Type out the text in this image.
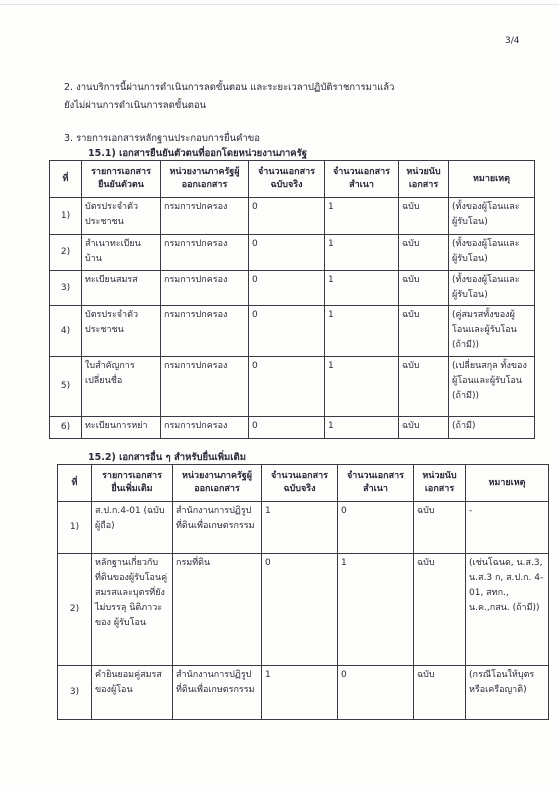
3/4
2. งานบริการนี้ผ่านการดำเนินการลดขั้นตอน และระยะเวลาปฏิบัติราชการมาแล้ว
ยังไม่ผ่านการดำเนินการลดขั้นตอน
3. รายการเอกสารหลักฐานประกอบการยื่นคำขอ
15.1) เอกสารยืนยันตัวตนที่ออกโดยหน่วยงานภาครัฐ
ที่	รายการเอกสาร ยืนยันตัวตน	หน่วยงานภาครัฐผู้ ออกเอกสาร	จำนวนเอกสาร ฉบับจริง	จำนวนเอกสาร สำเนา	หน่วยนับ เอกสาร	หมายเหตุ
1)	บัตรประจำตัวประชาชน	กรมการปกครอง	0	1	ฉบับ	(ทั้งของผู้โอนและผู้รับโอน)
2)	สำเนาทะเบียนบ้าน	กรมการปกครอง	0	1	ฉบับ	(ทั้งของผู้โอนและผู้รับโอน)
3)	ทะเบียนสมรส	กรมการปกครอง	0	1	ฉบับ	(ทั้งของผู้โอนและผู้รับโอน)
4)	บัตรประจำตัวประชาชน	กรมการปกครอง	0	1	ฉบับ	(คู่สมรสทั้งของผู้โอนและผู้รับโอน (ถ้ามี))
5)	ใบสำคัญการเปลี่ยนชื่อ	กรมการปกครอง	0	1	ฉบับ	(เปลี่ยนสกุล ทั้งของผู้โอนและผู้รับโอน (ถ้ามี))
6)	ทะเบียนการหย่า	กรมการปกครอง	0	1	ฉบับ	(ถ้ามี)
15.2) เอกสารอื่น ๆ สำหรับยื่นเพิ่มเติม
ที่	รายการเอกสาร ยื่นเพิ่มเติม	หน่วยงานภาครัฐผู้ ออกเอกสาร	จำนวนเอกสาร ฉบับจริง	จำนวนเอกสาร สำเนา	หน่วยนับ เอกสาร	หมายเหตุ
1)	ส.ป.ก.4-01 (ฉบับผู้ถือ)	สำนักงานการปฏิรูปที่ดินเพื่อเกษตรกรรม	1	0	ฉบับ	-
2)	หลักฐานเกี่ยวกับที่ดินของผู้รับโอนคู่สมรสและบุตรที่ยังไม่บรรลุ นิติภาวะของ ผู้รับโอน	กรมที่ดิน	0	1	ฉบับ	(เช่นโฉนด, น.ส.3, น.ส.3 ก, ส.ป.ก. 4-01, สทก., น.ค.,กสน. (ถ้ามี))
3)	คำยินยอมคู่สมรสของผู้โอน	สำนักงานการปฏิรูปที่ดินเพื่อเกษตรกรรม	1	0	ฉบับ	(กรณีโอนให้บุตรหรือเครือญาติ)
